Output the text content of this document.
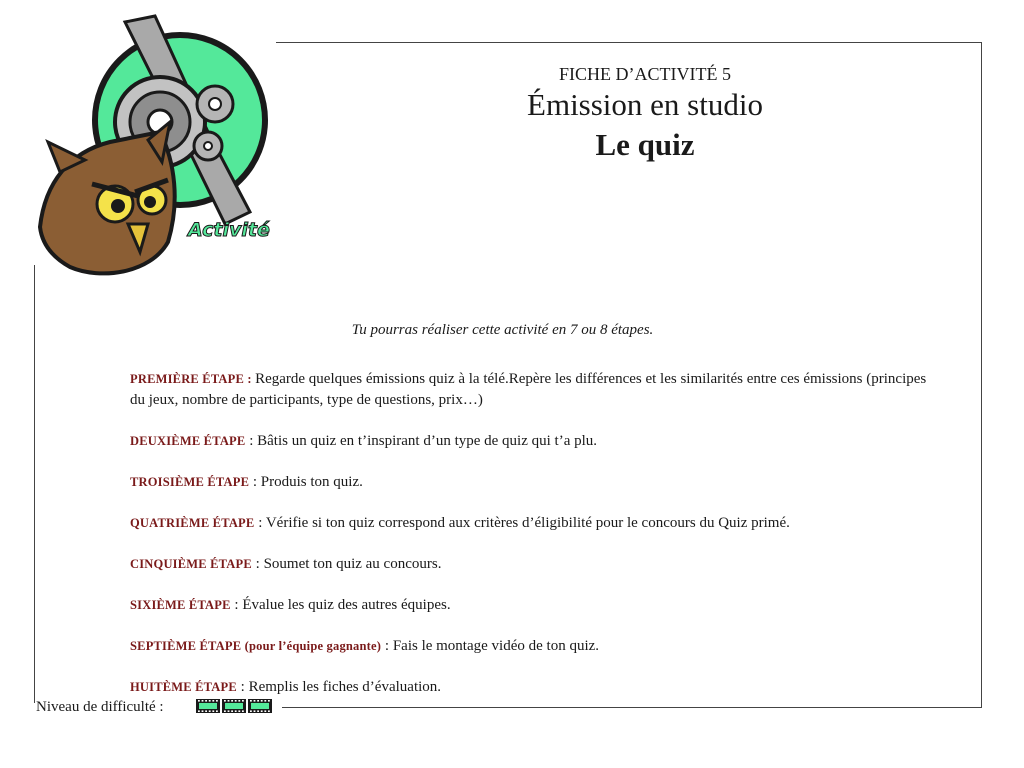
Activité
FICHE D’ACTIVITÉ 5
Émission en studio
Le quiz
Tu pourras réaliser cette activité en 7 ou 8 étapes.
PREMIÈRE ÉTAPE : Regarde quelques émissions quiz à la télé.Repère les différences et les similarités entre ces émissions (principes du jeux, nombre de participants, type de questions, prix…)
DEUXIÈME ÉTAPE : Bâtis un quiz en t’inspirant d’un type de quiz qui t’a plu.
TROISIÈME ÉTAPE : Produis ton quiz.
QUATRIÈME ÉTAPE : Vérifie si ton quiz correspond aux critères d’éligibilité pour le concours du Quiz primé.
CINQUIÈME ÉTAPE : Soumet ton quiz au concours.
SIXIÈME ÉTAPE : Évalue les quiz des autres équipes.
SEPTIÈME ÉTAPE (pour l’équipe gagnante) : Fais le montage vidéo de ton quiz.
HUITÈME ÉTAPE : Remplis les fiches d’évaluation.
Niveau de difficulté :
